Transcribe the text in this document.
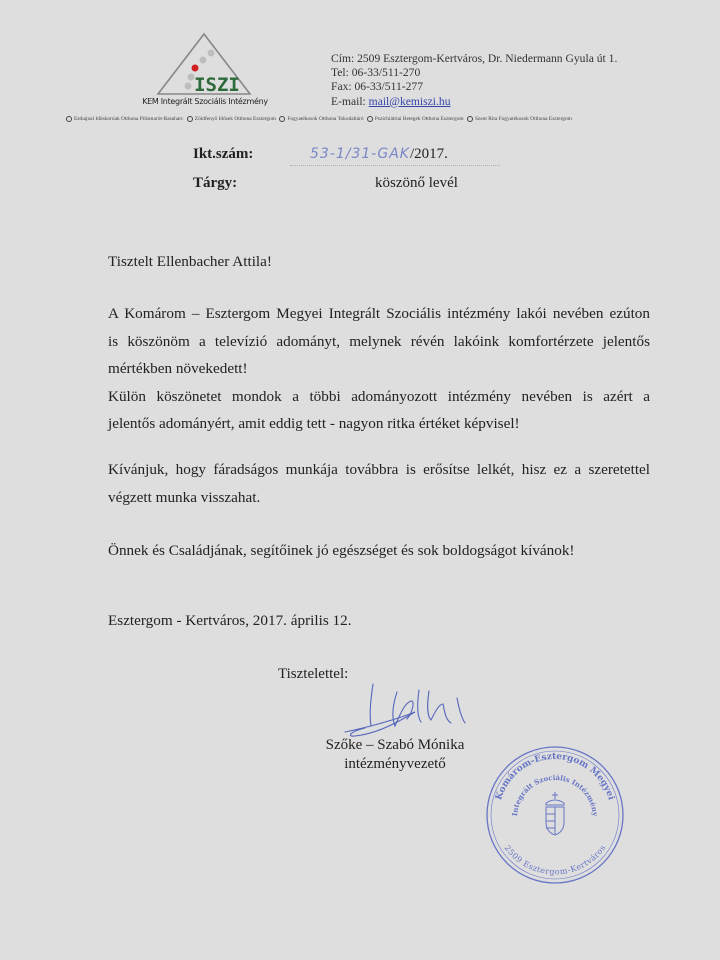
ISZI
KEM Integrált Szociális Intézmény
Cím: 2509 Esztergom-Kertváros, Dr. Niedermann Gyula út 1.
Tel: 06-33/511-270
Fax: 06-33/511-277
E-mail: mail@kemiszi.hu
Esthajnal Időskorúak Otthona Pilismarót-Basaharc Zöldfenyő Idősek Otthona Esztergom Fogyatékosok Otthona Tokodaltáró Pszichiátriai Betegek Otthona Esztergom Szent Rita Fogyatékosok Otthona Esztergom
Ikt.szám:	53-1/31-GAK/2017.
Tárgy:	köszönő levél
Tisztelt Ellenbacher Attila!

A Komárom – Esztergom Megyei Integrált Szociális intézmény lakói nevében ezúton

is köszönöm a televízió adományt, melynek révén lakóink komfortérzete jelentős

mértékben növekedett!

Külön köszönetet mondok a többi adományozott intézmény nevében is azért a

jelentős adományért, amit eddig tett - nagyon ritka értéket képvisel!

Kívánjuk, hogy fáradságos munkája továbbra is erősítse lelkét, hisz ez a szeretettel

végzett munka visszahat.

Önnek és Családjának, segítőinek jó egészséget és sok boldogságot kívánok!
Esztergom - Kertváros, 2017. április 12.
Tisztelettel:
Szőke – Szabó Mónika
intézményvezető
Komárom-Esztergom Megyei
Integrált Szociális Intézmény
2509 Esztergom-Kertváros
